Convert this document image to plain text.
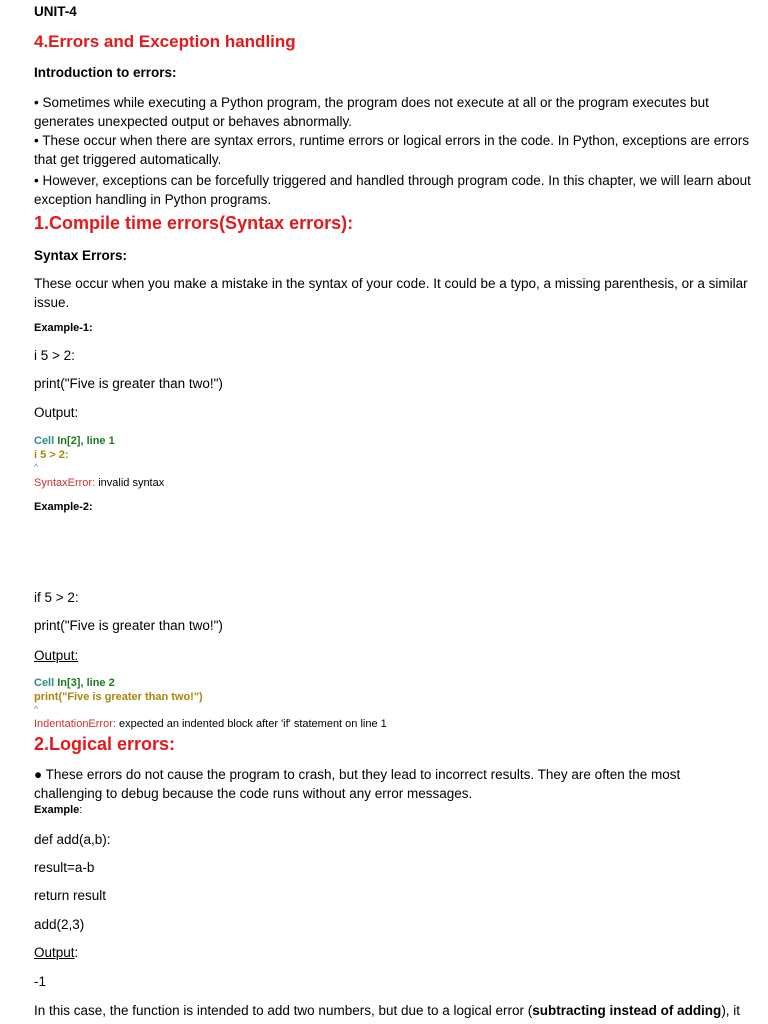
UNIT-4

4.Errors and Exception handling

Introduction to errors:

• Sometimes while executing a Python program, the program does not execute at all or the program executes but generates unexpected output or behaves abnormally.

• These occur when there are syntax errors, runtime errors or logical errors in the code. In Python, exceptions are errors that get triggered automatically.

• However, exceptions can be forcefully triggered and handled through program code. In this chapter, we will learn about exception handling in Python programs.

1.Compile time errors(Syntax errors):

Syntax Errors:

These occur when you make a mistake in the syntax of your code. It could be a typo, a missing parenthesis, or a similar issue.

Example-1:

i 5 > 2:

print("Five is greater than two!")

Output:

Cell In[2], line 1

i 5 > 2:

^

SyntaxError: invalid syntax

Example-2:

if 5 > 2:

print("Five is greater than two!")

Output:

Cell In[3], line 2

print("Five is greater than two!")

^

IndentationError: expected an indented block after 'if' statement on line 1

2.Logical errors:

● These errors do not cause the program to crash, but they lead to incorrect results. They are often the most challenging to debug because the code runs without any error messages.

Example:

def add(a,b):

result=a-b

return result

add(2,3)

Output:

-1

In this case, the function is intended to add two numbers, but due to a logical error (subtracting instead of adding), it
